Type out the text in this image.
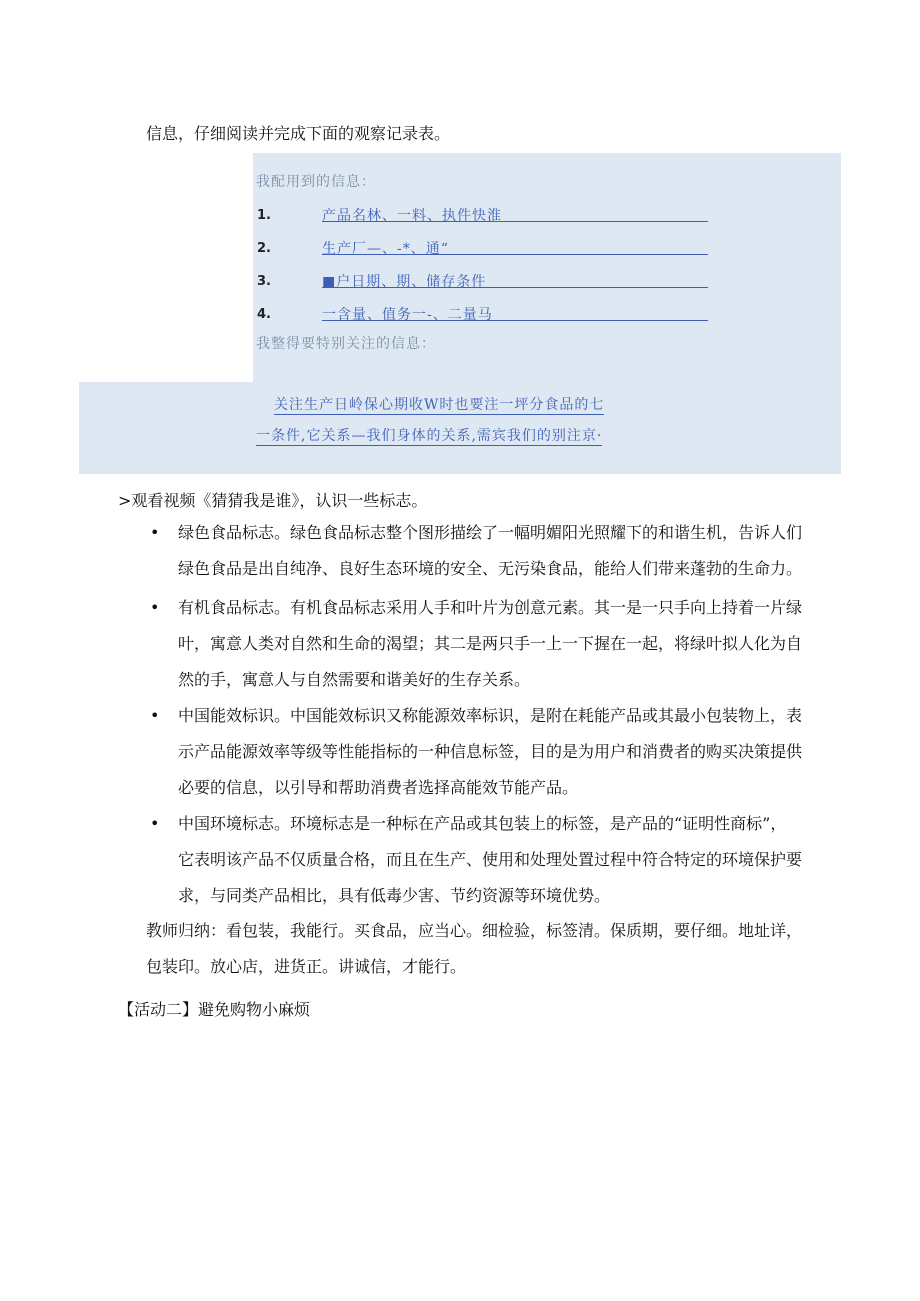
信息，仔细阅读并完成下面的观察记录表。
我配用到的信息：
1.	产品名林、一料、执件快淮
2.	生产厂—、-*、通“
3.	■户日期、期、储存条件
4.	一含量、值务一-、二量马
我整得要特别关注的信息：
关注生产日岭保心期收W时也要注一坪分食品的七
一条件,它关系—我们身体的关系,需宾我们的别注京·
>观看视频《猜猜我是谁》，认识一些标志。
• 绿色食品标志。绿色食品标志整个图形描绘了一幅明媚阳光照耀下的和谐生机，告诉人们
绿色食品是出自纯净、良好生态环境的安全、无污染食品，能给人们带来蓬勃的生命力。
• 有机食品标志。有机食品标志采用人手和叶片为创意元素。其一是一只手向上持着一片绿
叶，寓意人类对自然和生命的渴望；其二是两只手一上一下握在一起，将绿叶拟人化为自
然的手，寓意人与自然需要和谐美好的生存关系。
• 中国能效标识。中国能效标识又称能源效率标识，是附在耗能产品或其最小包装物上，表
示产品能源效率等级等性能指标的一种信息标签，目的是为用户和消费者的购买决策提供
必要的信息，以引导和帮助消费者选择高能效节能产品。
• 中国环境标志。环境标志是一种标在产品或其包装上的标签，是产品的“证明性商标”，
它表明该产品不仅质量合格，而且在生产、使用和处理处置过程中符合特定的环境保护要
求，与同类产品相比，具有低毒少害、节约资源等环境优势。
教师归纳：看包装，我能行。买食品，应当心。细检验，标签清。保质期，要仔细。地址详，
包装印。放心店，进货正。讲诚信，才能行。
【活动二】避免购物小麻烦
